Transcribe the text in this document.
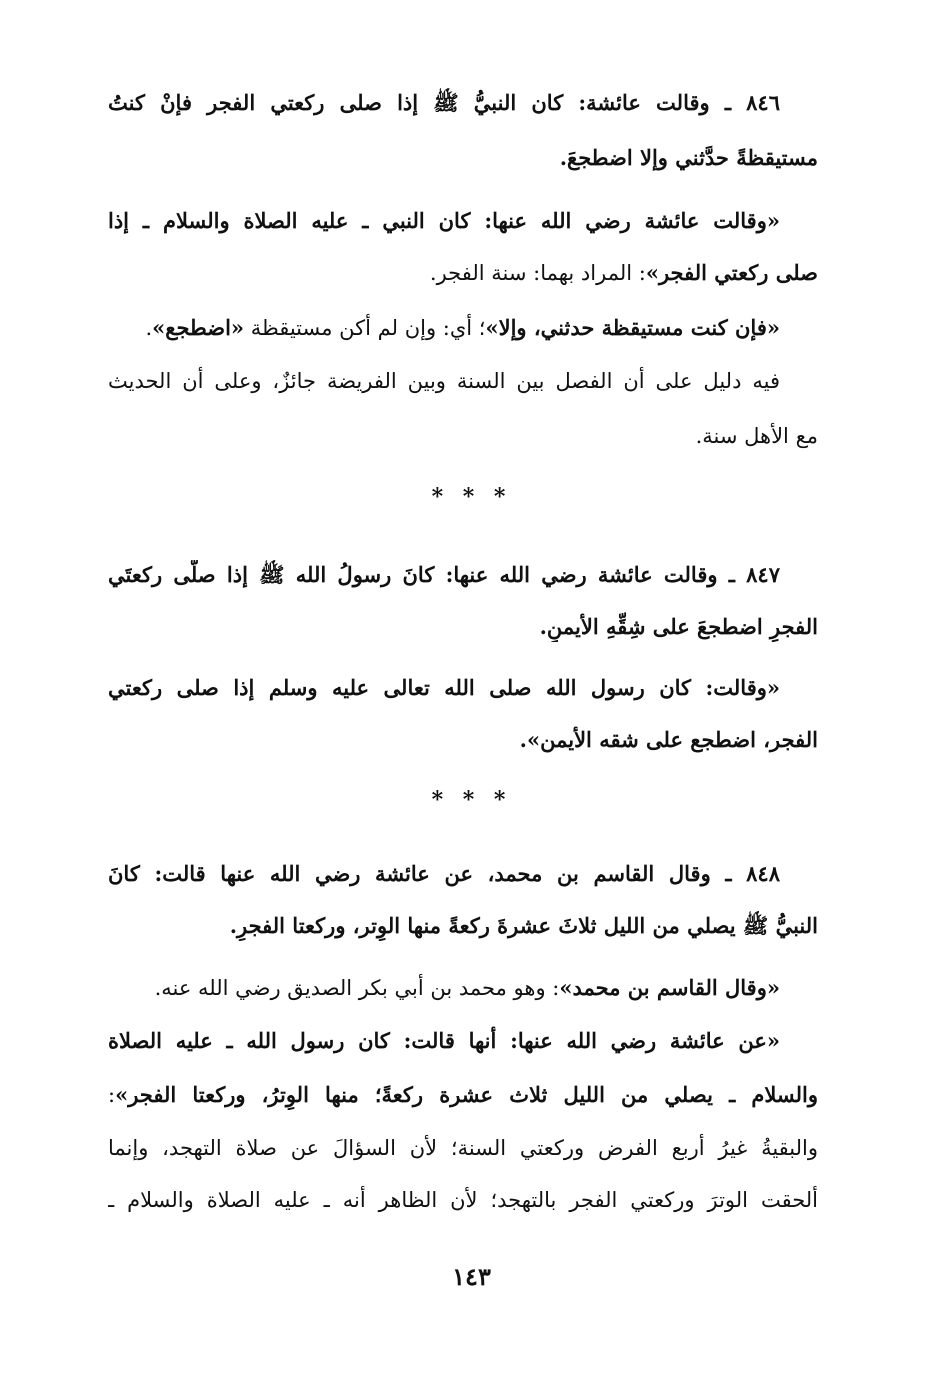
٨٤٦ ـ وقالت عائشة: كان النبيُّ ﷺ إذا صلى ركعتي الفجر فإنْ كنتُ
مستيقظةً حدَّثني وإلا اضطجعَ.
«وقالت عائشة رضي الله عنها: كان النبي ـ عليه الصلاة والسلام ـ إذا
صلى ركعتي الفجر»: المراد بهما: سنة الفجر.
«فإن كنت مستيقظة حدثني، وإلا»؛ أي: وإن لم أكن مستيقظة «اضطجع».
فيه دليل على أن الفصل بين السنة وبين الفريضة جائزٌ، وعلى أن الحديث
مع الأهل سنة.
* * *
٨٤٧ ـ وقالت عائشة رضي الله عنها: كانَ رسولُ الله ﷺ إذا صلَّى ركعتَي
الفجرِ اضطجعَ على شِقِّهِ الأيمنِ.
«وقالت: كان رسول الله صلى الله تعالى عليه وسلم إذا صلى ركعتي
الفجر، اضطجع على شقه الأيمن».
* * *
٨٤٨ ـ وقال القاسم بن محمد، عن عائشة رضي الله عنها قالت: كانَ
النبيُّ ﷺ يصلي من الليل ثلاثَ عشرةَ ركعةً منها الوِتر، وركعتا الفجرِ.
«وقال القاسم بن محمد»: وهو محمد بن أبي بكر الصديق رضي الله عنه.
«عن عائشة رضي الله عنها: أنها قالت: كان رسول الله ـ عليه الصلاة
والسلام ـ يصلي من الليل ثلاث عشرة ركعةً؛ منها الوِترُ، وركعتا الفجر»:
والبقيةُ غيرُ أربع الفرض وركعتي السنة؛ لأن السؤالَ عن صلاة التهجد، وإنما
ألحقت الوترَ وركعتي الفجر بالتهجد؛ لأن الظاهر أنه ـ عليه الصلاة والسلام ـ
١٤٣
